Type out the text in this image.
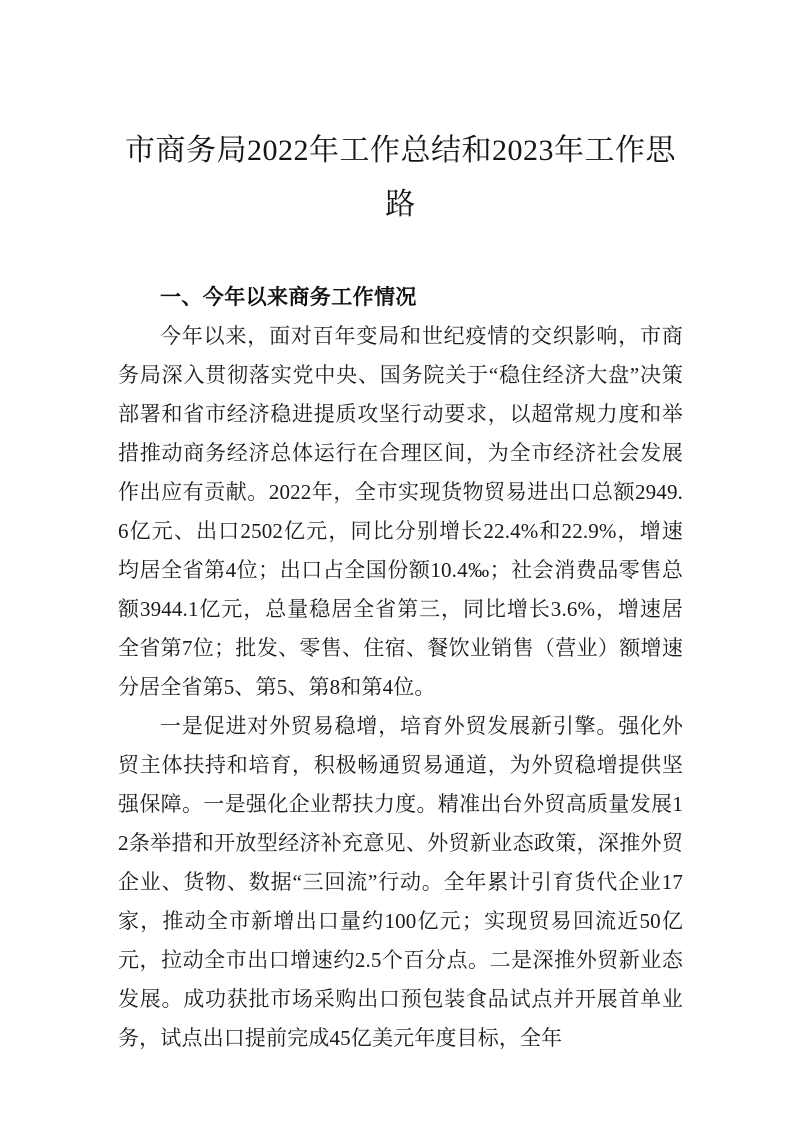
市商务局2022年工作总结和2023年工作思路
一、今年以来商务工作情况

今年以来，面对百年变局和世纪疫情的交织影响，市商务局深入贯彻落实党中央、国务院关于“稳住经济大盘”决策部署和省市经济稳进提质攻坚行动要求，以超常规力度和举措推动商务经济总体运行在合理区间，为全市经济社会发展作出应有贡献。2022年，全市实现货物贸易进出口总额2949.6亿元、出口2502亿元，同比分别增长22.4%和22.9%，增速均居全省第4位；出口占全国份额10.4‰；社会消费品零售总额3944.1亿元，总量稳居全省第三，同比增长3.6%，增速居全省第7位；批发、零售、住宿、餐饮业销售（营业）额增速分居全省第5、第5、第8和第4位。

一是促进对外贸易稳增，培育外贸发展新引擎。强化外贸主体扶持和培育，积极畅通贸易通道，为外贸稳增提供坚强保障。一是强化企业帮扶力度。精准出台外贸高质量发展12条举措和开放型经济补充意见、外贸新业态政策，深推外贸企业、货物、数据“三回流”行动。全年累计引育货代企业17家，推动全市新增出口量约100亿元；实现贸易回流近50亿元，拉动全市出口增速约2.5个百分点。二是深推外贸新业态发展。成功获批市场采购出口预包装食品试点并开展首单业务，试点出口提前完成45亿美元年度目标，全年
